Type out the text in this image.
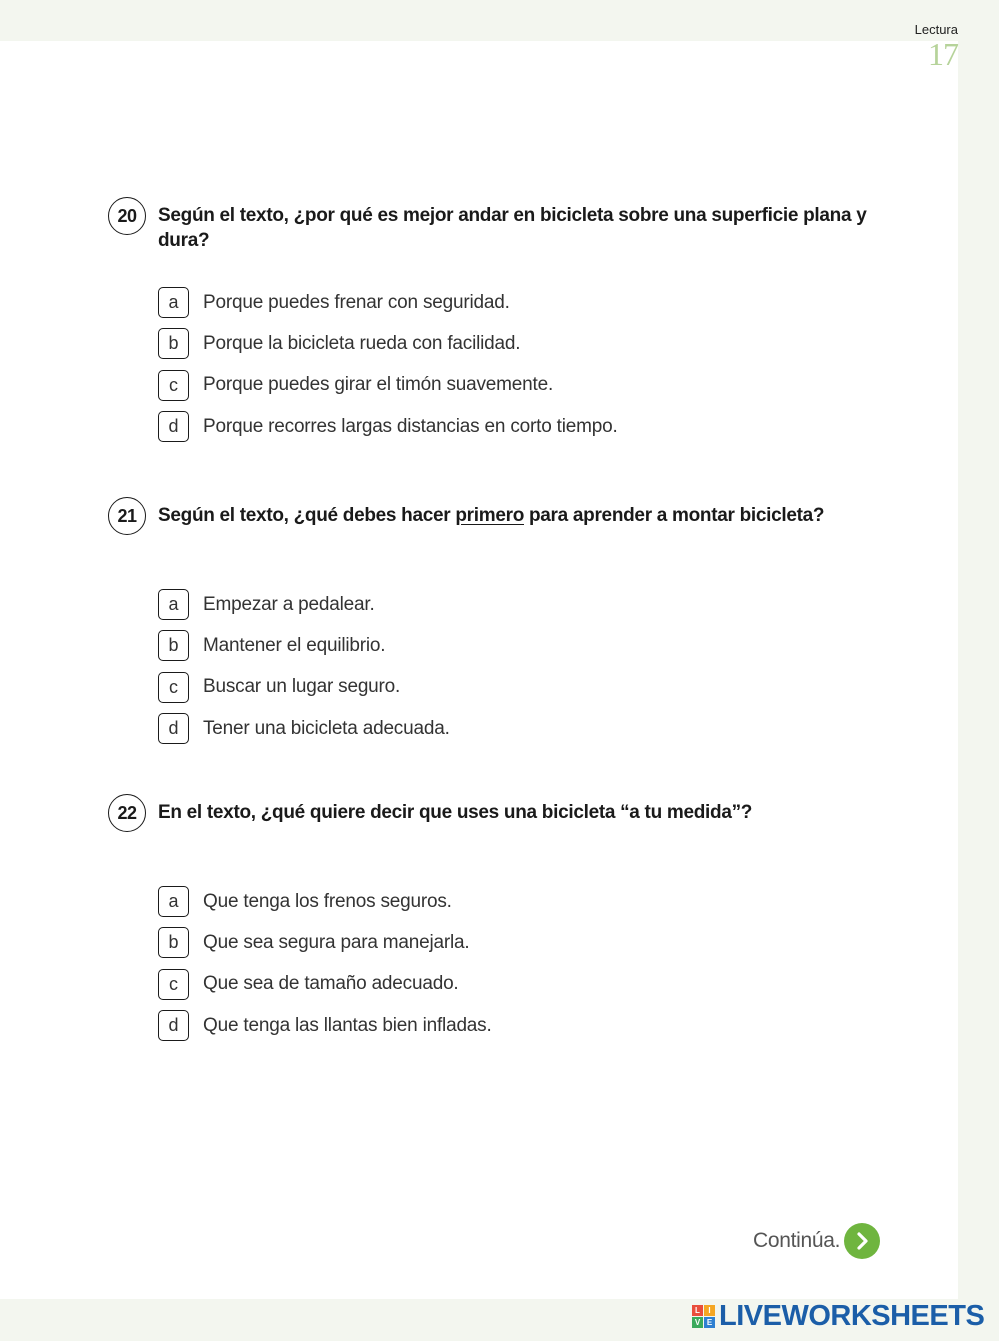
Lectura
17
20	Según el texto, ¿por qué es mejor andar en bicicleta sobre una superficie plana y dura?
a	Porque puedes frenar con seguridad.
b	Porque la bicicleta rueda con facilidad.
c	Porque puedes girar el timón suavemente.
d	Porque recorres largas distancias en corto tiempo.
21	Según el texto, ¿qué debes hacer primero para aprender a montar bicicleta?
a	Empezar a pedalear.
b	Mantener el equilibrio.
c	Buscar un lugar seguro.
d	Tener una bicicleta adecuada.
22	En el texto, ¿qué quiere decir que uses una bicicleta “a tu medida”?
a	Que tenga los frenos seguros.
b	Que sea segura para manejarla.
c	Que sea de tamaño adecuado.
d	Que tenga las llantas bien infladas.
Continúa.
L	I
V E LIVEWORKSHEETS
